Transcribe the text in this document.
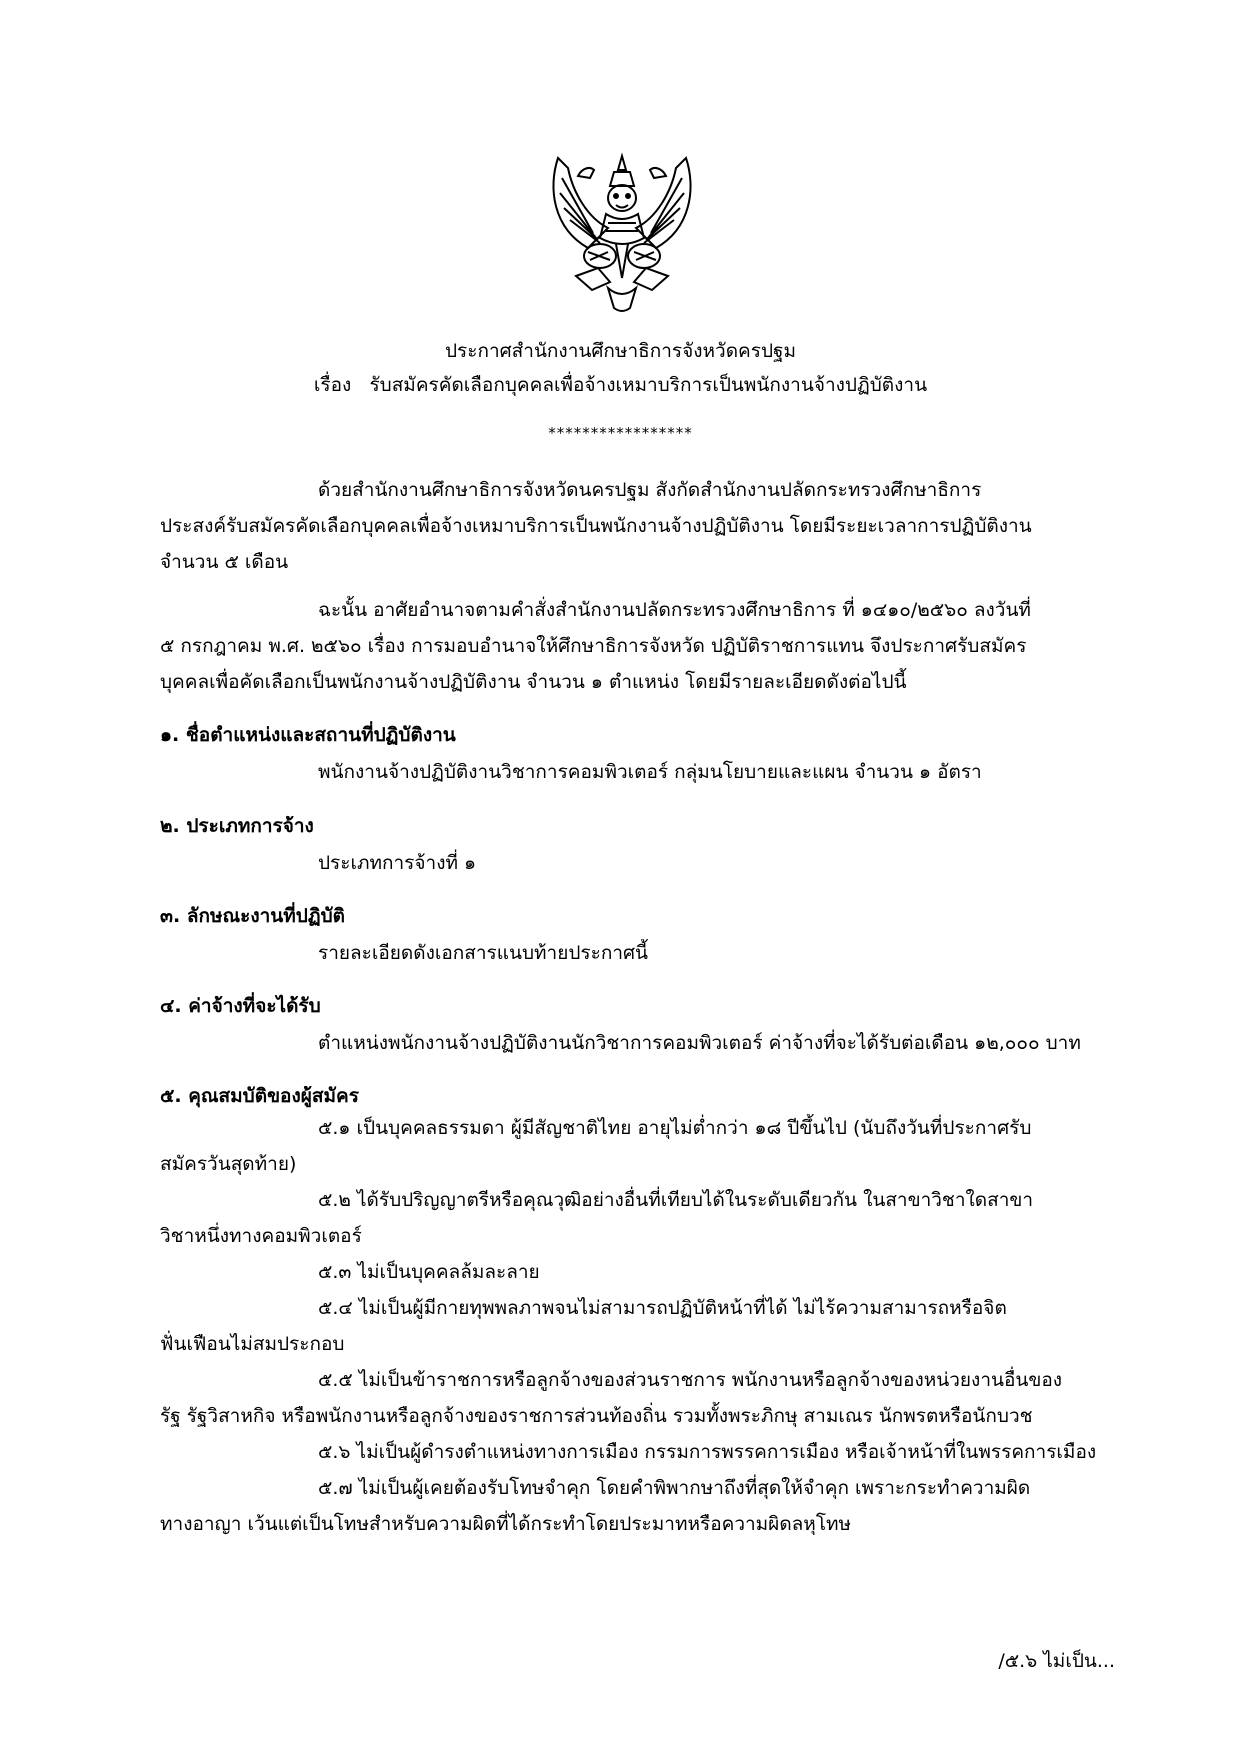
ประกาศสำนักงานศึกษาธิการจังหวัดครปฐม
เรื่อง รับสมัครคัดเลือกบุคคลเพื่อจ้างเหมาบริการเป็นพนักงานจ้างปฏิบัติงาน
*****************
ด้วยสำนักงานศึกษาธิการจังหวัดนครปฐม สังกัดสำนักงานปลัดกระทรวงศึกษาธิการ
ประสงค์รับสมัครคัดเลือกบุคคลเพื่อจ้างเหมาบริการเป็นพนักงานจ้างปฏิบัติงาน โดยมีระยะเวลาการปฏิบัติงาน
จำนวน ๕ เดือน
ฉะนั้น อาศัยอำนาจตามคำสั่งสำนักงานปลัดกระทรวงศึกษาธิการ ที่ ๑๔๑๐/๒๕๖๐ ลงวันที่
๕ กรกฎาคม พ.ศ. ๒๕๖๐ เรื่อง การมอบอำนาจให้ศึกษาธิการจังหวัด ปฏิบัติราชการแทน จึงประกาศรับสมัคร
บุคคลเพื่อคัดเลือกเป็นพนักงานจ้างปฏิบัติงาน จำนวน ๑ ตำแหน่ง โดยมีรายละเอียดดังต่อไปนี้
๑. ชื่อตำแหน่งและสถานที่ปฏิบัติงาน
พนักงานจ้างปฏิบัติงานวิชาการคอมพิวเตอร์ กลุ่มนโยบายและแผน จำนวน ๑ อัตรา
๒. ประเภทการจ้าง
ประเภทการจ้างที่ ๑
๓. ลักษณะงานที่ปฏิบัติ
รายละเอียดดังเอกสารแนบท้ายประกาศนี้
๔. ค่าจ้างที่จะได้รับ
ตำแหน่งพนักงานจ้างปฏิบัติงานนักวิชาการคอมพิวเตอร์ ค่าจ้างที่จะได้รับต่อเดือน ๑๒,๐๐๐ บาท
๕. คุณสมบัติของผู้สมัคร
๕.๑ เป็นบุคคลธรรมดา ผู้มีสัญชาติไทย อายุไม่ต่ำกว่า ๑๘ ปีขึ้นไป (นับถึงวันที่ประกาศรับ
สมัครวันสุดท้าย)
๕.๒ ได้รับปริญญาตรีหรือคุณวุฒิอย่างอื่นที่เทียบได้ในระดับเดียวกัน ในสาขาวิชาใดสาขา
วิชาหนึ่งทางคอมพิวเตอร์
๕.๓ ไม่เป็นบุคคลล้มละลาย
๕.๔ ไม่เป็นผู้มีกายทุพพลภาพจนไม่สามารถปฏิบัติหน้าที่ได้ ไม่ไร้ความสามารถหรือจิต
ฟั่นเฟือนไม่สมประกอบ
๕.๕ ไม่เป็นข้าราชการหรือลูกจ้างของส่วนราชการ พนักงานหรือลูกจ้างของหน่วยงานอื่นของ
รัฐ รัฐวิสาหกิจ หรือพนักงานหรือลูกจ้างของราชการส่วนท้องถิ่น รวมทั้งพระภิกษุ สามเณร นักพรตหรือนักบวช
๕.๖ ไม่เป็นผู้ดำรงตำแหน่งทางการเมือง กรรมการพรรคการเมือง หรือเจ้าหน้าที่ในพรรคการเมือง
๕.๗ ไม่เป็นผู้เคยต้องรับโทษจำคุก โดยคำพิพากษาถึงที่สุดให้จำคุก เพราะกระทำความผิด
ทางอาญา เว้นแต่เป็นโทษสำหรับความผิดที่ได้กระทำโดยประมาทหรือความผิดลหุโทษ
/๕.๖ ไม่เป็น...
